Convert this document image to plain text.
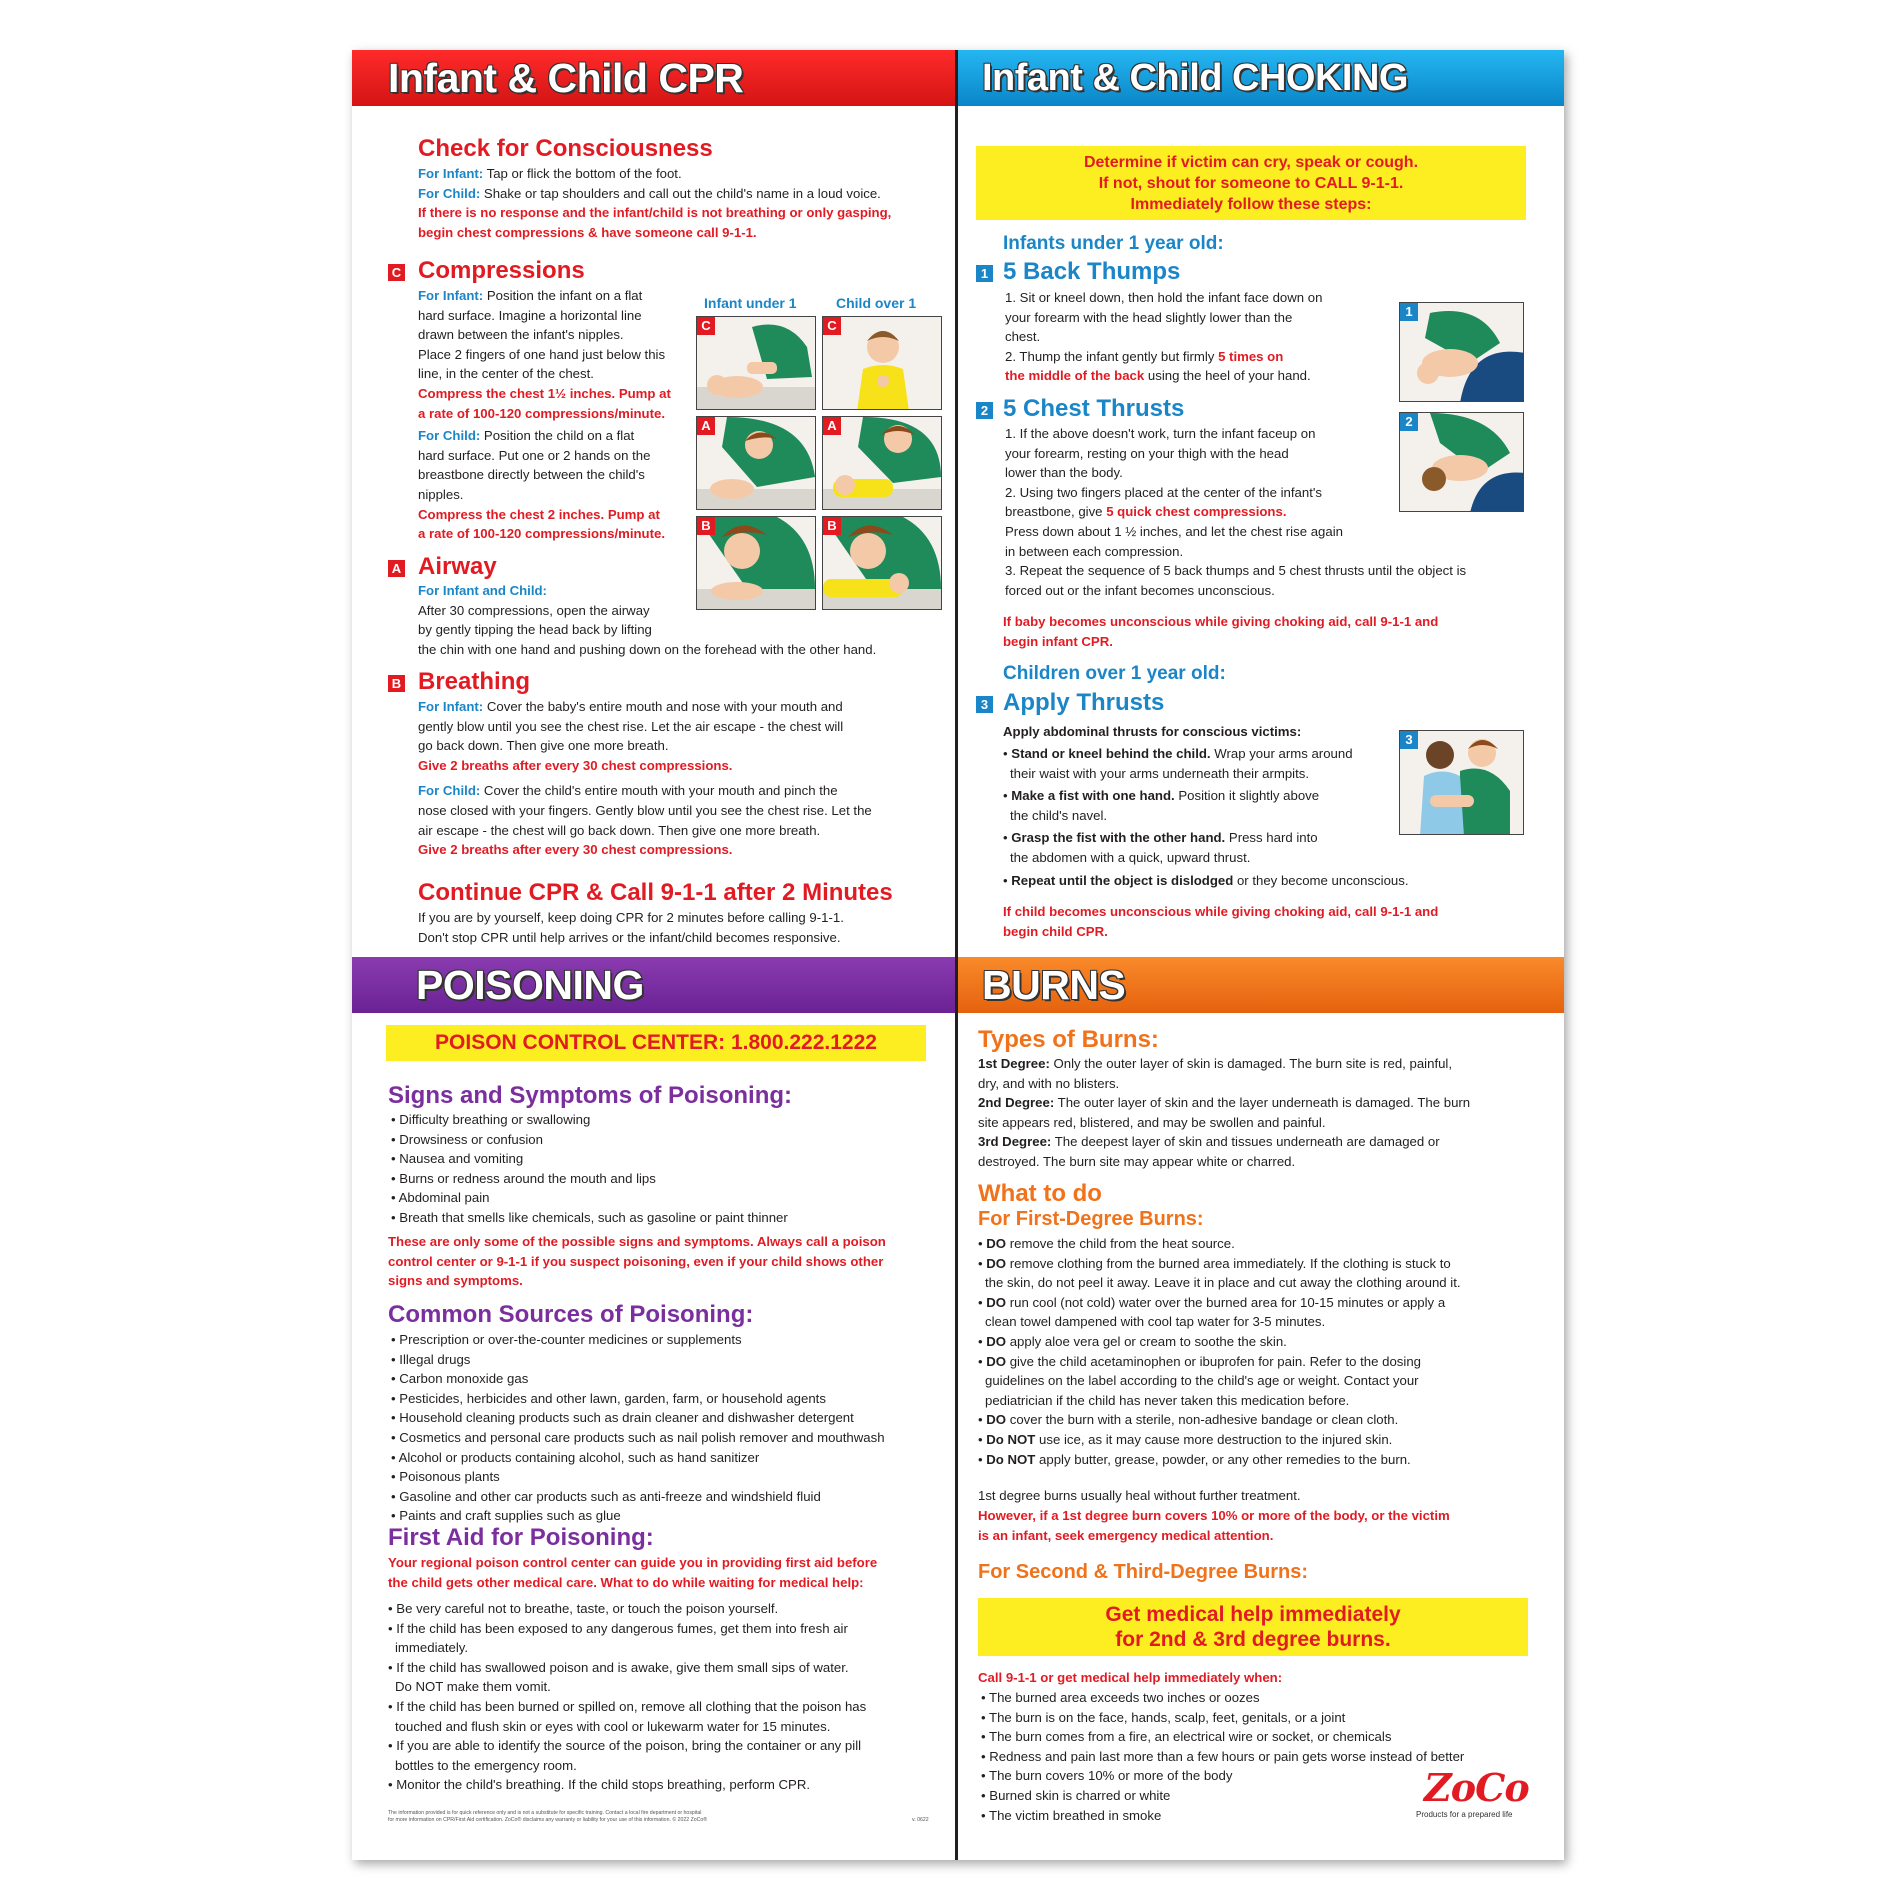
Infant & Child CPR
Check for Consciousness
For Infant: Tap or flick the bottom of the foot.
For Child: Shake or tap shoulders and call out the child's name in a loud voice.
If there is no response and the infant/child is not breathing or only gasping,
begin chest compressions & have someone call 9-1-1.
C Compressions
For Infant: Position the infant on a flat
hard surface. Imagine a horizontal line
drawn between the infant's nipples.
Place 2 fingers of one hand just below this
line, in the center of the chest.
Compress the chest 1½ inches. Pump at
a rate of 100-120 compressions/minute.
For Child: Position the child on a flat
hard surface. Put one or 2 hands on the
breastbone directly between the child's
nipples.
Compress the chest 2 inches. Pump at
a rate of 100-120 compressions/minute.
Infant under 1	Child over 1
C	C
A	A
B	B
A Airway
For Infant and Child:
After 30 compressions, open the airway
by gently tipping the head back by lifting
the chin with one hand and pushing down on the forehead with the other hand.
B Breathing
For Infant: Cover the baby's entire mouth and nose with your mouth and
gently blow until you see the chest rise. Let the air escape - the chest will
go back down. Then give one more breath.
Give 2 breaths after every 30 chest compressions.
For Child: Cover the child's entire mouth with your mouth and pinch the
nose closed with your fingers. Gently blow until you see the chest rise. Let the
air escape - the chest will go back down. Then give one more breath.
Give 2 breaths after every 30 chest compressions.
Continue CPR & Call 9-1-1 after 2 Minutes
If you are by yourself, keep doing CPR for 2 minutes before calling 9-1-1.
Don't stop CPR until help arrives or the infant/child becomes responsive.
Infant & Child CHOKING
Determine if victim can cry, speak or cough.
If not, shout for someone to CALL 9-1-1.
Immediately follow these steps:
Infants under 1 year old:
1 5 Back Thumps
1. Sit or kneel down, then hold the infant face down on
your forearm with the head slightly lower than the
chest.
2. Thump the infant gently but firmly 5 times on
the middle of the back using the heel of your hand.
1
2 5 Chest Thrusts
1. If the above doesn't work, turn the infant faceup on
your forearm, resting on your thigh with the head
lower than the body.
2. Using two fingers placed at the center of the infant's
breastbone, give 5 quick chest compressions.
Press down about 1 ½ inches, and let the chest rise again
in between each compression.
3. Repeat the sequence of 5 back thumps and 5 chest thrusts until the object is
forced out or the infant becomes unconscious.
2
If baby becomes unconscious while giving choking aid, call 9-1-1 and
begin infant CPR.
Children over 1 year old:
3 Apply Thrusts
Apply abdominal thrusts for conscious victims:
• Stand or kneel behind the child. Wrap your arms around
their waist with your arms underneath their armpits.
• Make a fist with one hand. Position it slightly above
the child's navel.
• Grasp the fist with the other hand. Press hard into
the abdomen with a quick, upward thrust.
• Repeat until the object is dislodged or they become unconscious.
3
If child becomes unconscious while giving choking aid, call 9-1-1 and
begin child CPR.
POISONING
POISON CONTROL CENTER: 1.800.222.1222
Signs and Symptoms of Poisoning:
• Difficulty breathing or swallowing
• Drowsiness or confusion
• Nausea and vomiting
• Burns or redness around the mouth and lips
• Abdominal pain
• Breath that smells like chemicals, such as gasoline or paint thinner
These are only some of the possible signs and symptoms. Always call a poison
control center or 9-1-1 if you suspect poisoning, even if your child shows other
signs and symptoms.
Common Sources of Poisoning:
• Prescription or over-the-counter medicines or supplements
• Illegal drugs
• Carbon monoxide gas
• Pesticides, herbicides and other lawn, garden, farm, or household agents
• Household cleaning products such as drain cleaner and dishwasher detergent
• Cosmetics and personal care products such as nail polish remover and mouthwash
• Alcohol or products containing alcohol, such as hand sanitizer
• Poisonous plants
• Gasoline and other car products such as anti-freeze and windshield fluid
• Paints and craft supplies such as glue
First Aid for Poisoning:
Your regional poison control center can guide you in providing first aid before
the child gets other medical care. What to do while waiting for medical help:
• Be very careful not to breathe, taste, or touch the poison yourself.
• If the child has been exposed to any dangerous fumes, get them into fresh air
immediately.
• If the child has swallowed poison and is awake, give them small sips of water.
Do NOT make them vomit.
• If the child has been burned or spilled on, remove all clothing that the poison has
touched and flush skin or eyes with cool or lukewarm water for 15 minutes.
• If you are able to identify the source of the poison, bring the container or any pill
bottles to the emergency room.
• Monitor the child's breathing. If the child stops breathing, perform CPR.
The information provided is for quick reference only and is not a substitute for specific training. Contact a local fire department or hospital
for more information on CPR/First Aid certification. ZoCo® disclaims any warranty or liability for your use of this information. © 2022 ZoCo®	v. 0622
BURNS
Types of Burns:
1st Degree: Only the outer layer of skin is damaged. The burn site is red, painful,
dry, and with no blisters.
2nd Degree: The outer layer of skin and the layer underneath is damaged. The burn
site appears red, blistered, and may be swollen and painful.
3rd Degree: The deepest layer of skin and tissues underneath are damaged or
destroyed. The burn site may appear white or charred.
What to do
For First-Degree Burns:
• DO remove the child from the heat source.
• DO remove clothing from the burned area immediately. If the clothing is stuck to
the skin, do not peel it away. Leave it in place and cut away the clothing around it.
• DO run cool (not cold) water over the burned area for 10-15 minutes or apply a
clean towel dampened with cool tap water for 3-5 minutes.
• DO apply aloe vera gel or cream to soothe the skin.
• DO give the child acetaminophen or ibuprofen for pain. Refer to the dosing
guidelines on the label according to the child's age or weight. Contact your
pediatrician if the child has never taken this medication before.
• DO cover the burn with a sterile, non-adhesive bandage or clean cloth.
• Do NOT use ice, as it may cause more destruction to the injured skin.
• Do NOT apply butter, grease, powder, or any other remedies to the burn.
1st degree burns usually heal without further treatment.
However, if a 1st degree burn covers 10% or more of the body, or the victim
is an infant, seek emergency medical attention.
For Second & Third-Degree Burns:
Get medical help immediately
for 2nd & 3rd degree burns.
Call 9-1-1 or get medical help immediately when:
• The burned area exceeds two inches or oozes
• The burn is on the face, hands, scalp, feet, genitals, or a joint
• The burn comes from a fire, an electrical wire or socket, or chemicals
• Redness and pain last more than a few hours or pain gets worse instead of better
• The burn covers 10% or more of the body
• Burned skin is charred or white
• The victim breathed in smoke
ZoCo
Products for a prepared life
